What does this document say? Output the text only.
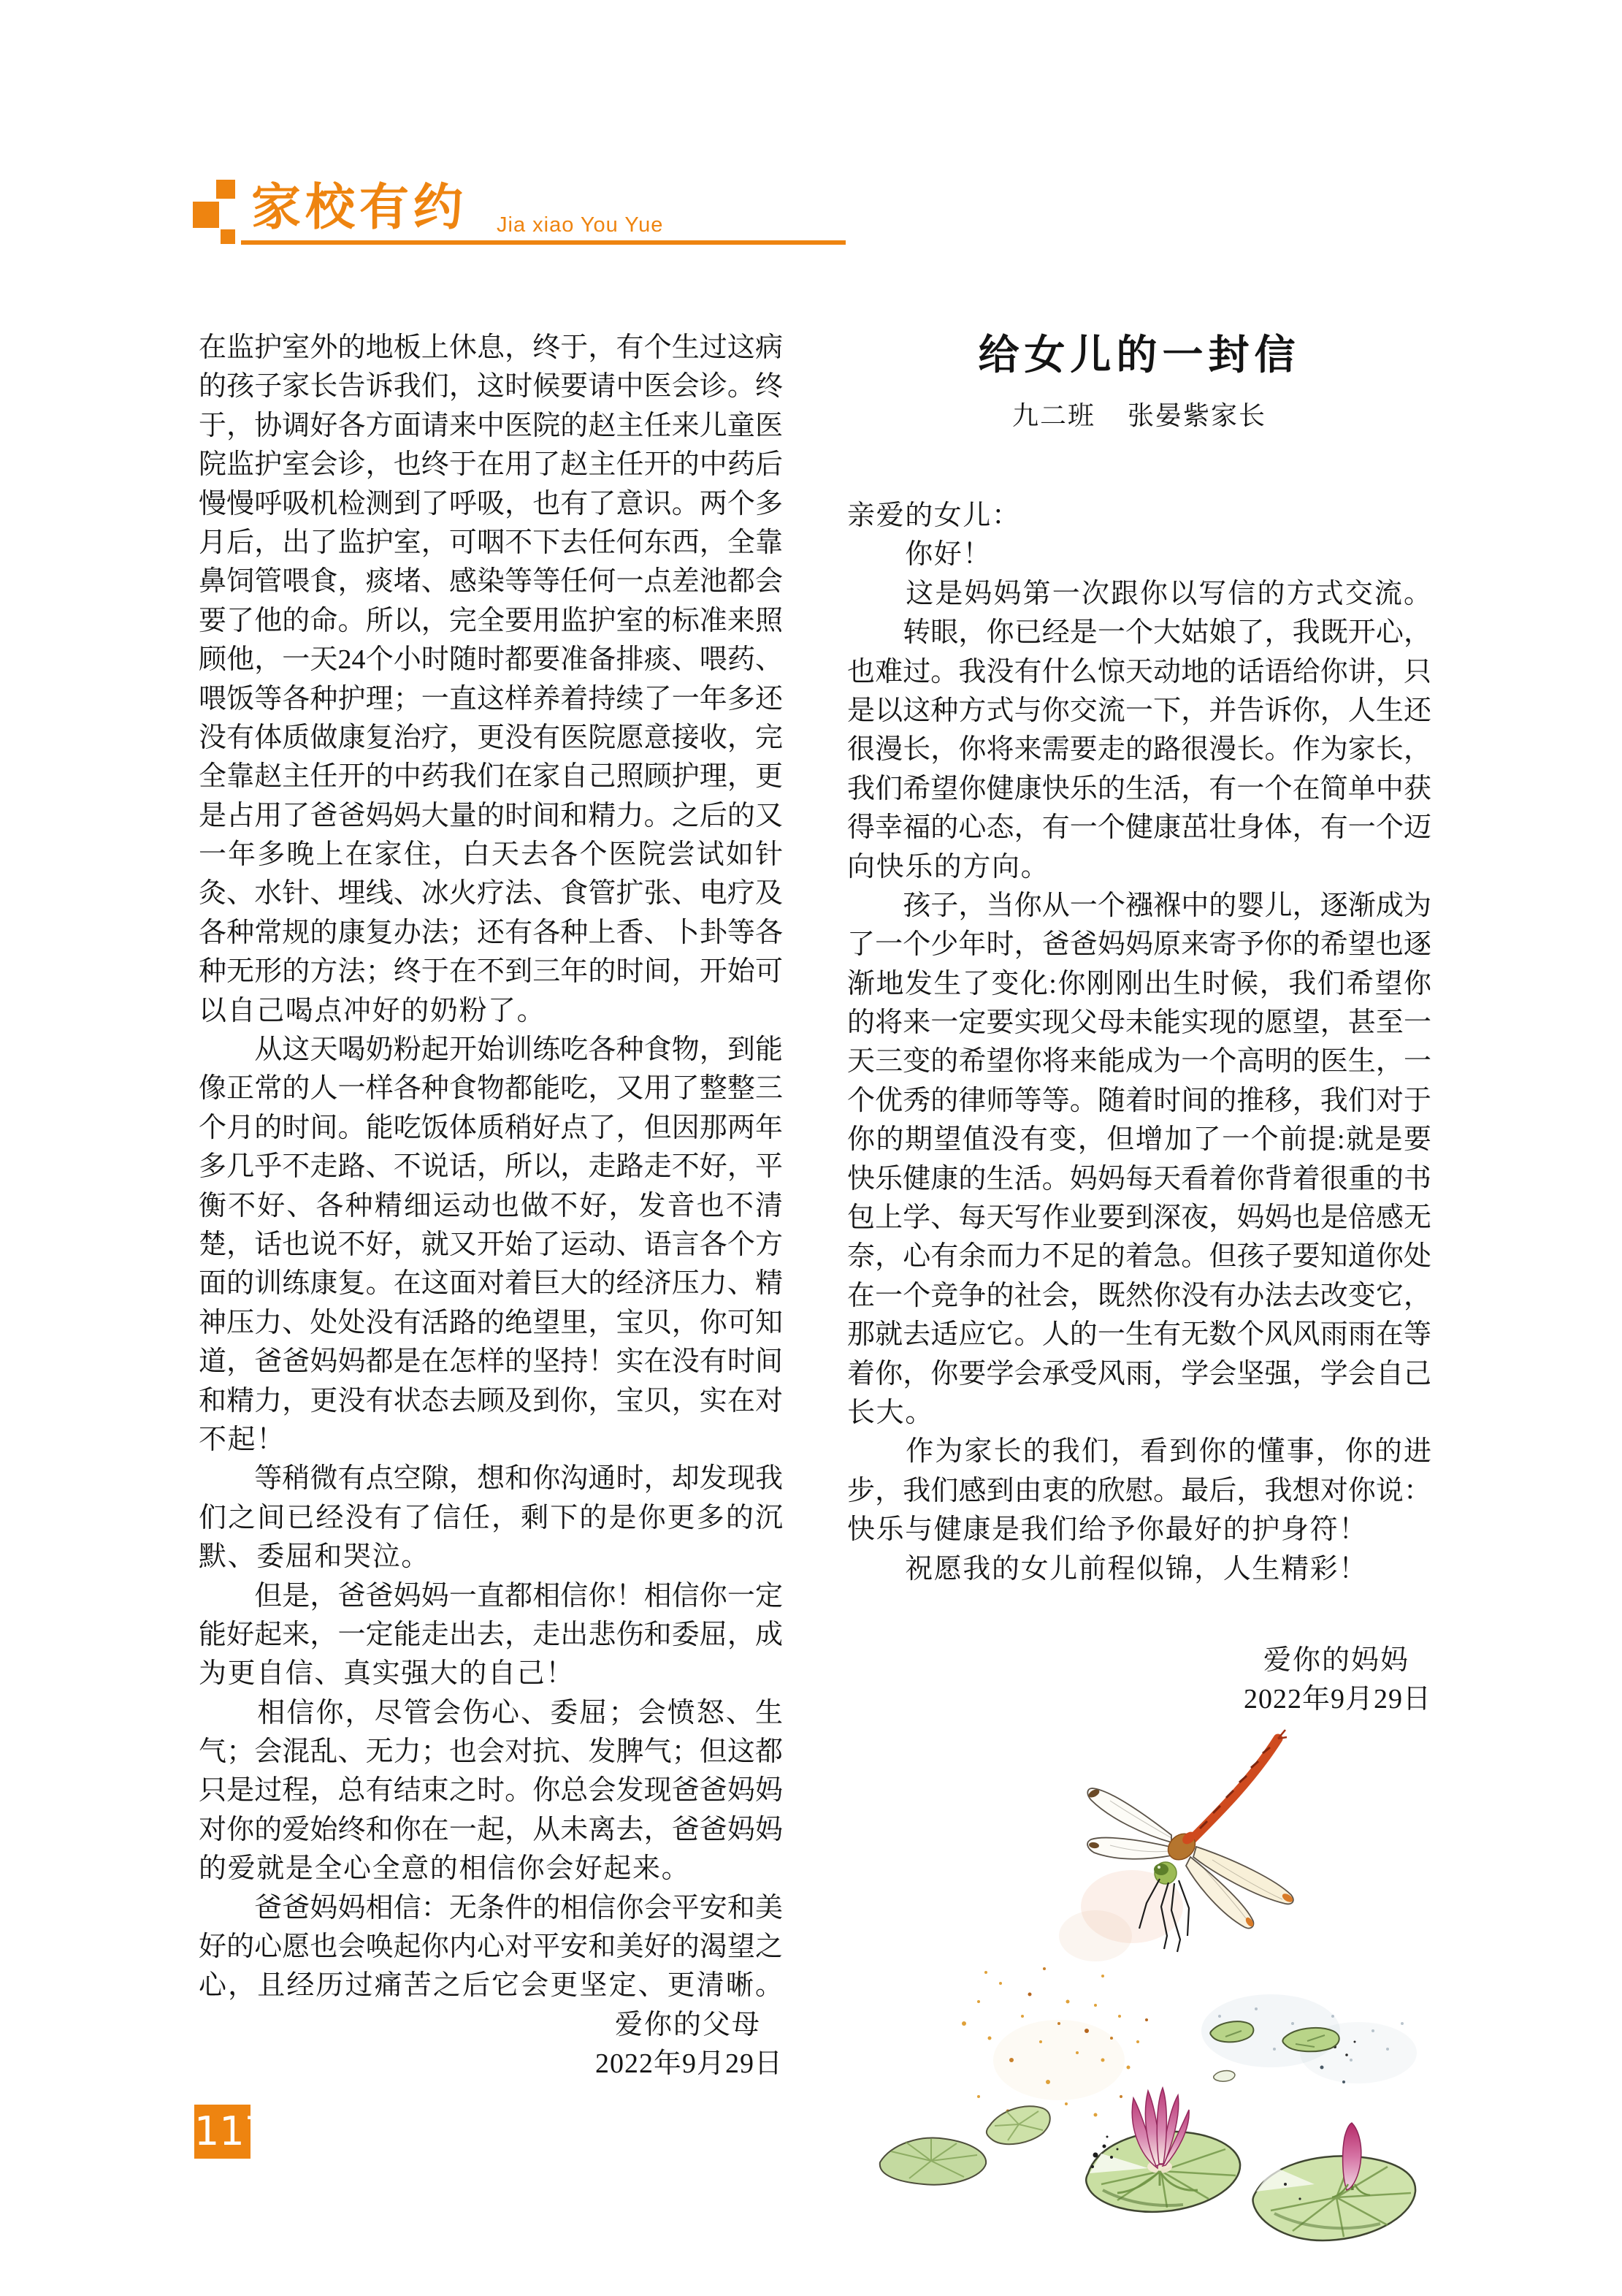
家校有约 Jia xiao You Yue
在监护室外的地板上休息，终于，有个生过这病
的孩子家长告诉我们，这时候要请中医会诊。终
于，协调好各方面请来中医院的赵主任来儿童医
院监护室会诊，也终于在用了赵主任开的中药后
慢慢呼吸机检测到了呼吸，也有了意识。两个多
月后，出了监护室，可咽不下去任何东西，全靠
鼻饲管喂食，痰堵、感染等等任何一点差池都会
要了他的命。所以，完全要用监护室的标准来照
顾他，一天24个小时随时都要准备排痰、喂药、
喂饭等各种护理；一直这样养着持续了一年多还
没有体质做康复治疗，更没有医院愿意接收，完
全靠赵主任开的中药我们在家自己照顾护理，更
是占用了爸爸妈妈大量的时间和精力。之后的又
一年多晚上在家住，白天去各个医院尝试如针
灸、水针、埋线、冰火疗法、食管扩张、电疗及
各种常规的康复办法；还有各种上香、卜卦等各
种无形的方法；终于在不到三年的时间，开始可
以自己喝点冲好的奶粉了。
　　从这天喝奶粉起开始训练吃各种食物，到能
像正常的人一样各种食物都能吃，又用了整整三
个月的时间。能吃饭体质稍好点了，但因那两年
多几乎不走路、不说话，所以，走路走不好，平
衡不好、各种精细运动也做不好，发音也不清
楚，话也说不好，就又开始了运动、语言各个方
面的训练康复。在这面对着巨大的经济压力、精
神压力、处处没有活路的绝望里，宝贝，你可知
道，爸爸妈妈都是在怎样的坚持！实在没有时间
和精力，更没有状态去顾及到你，宝贝，实在对
不起！
　　等稍微有点空隙，想和你沟通时，却发现我
们之间已经没有了信任，剩下的是你更多的沉
默、委屈和哭泣。
　　但是，爸爸妈妈一直都相信你！相信你一定
能好起来，一定能走出去，走出悲伤和委屈，成
为更自信、真实强大的自己！
　　相信你，尽管会伤心、委屈；会愤怒、生
气；会混乱、无力；也会对抗、发脾气；但这都
只是过程，总有结束之时。你总会发现爸爸妈妈
对你的爱始终和你在一起，从未离去，爸爸妈妈
的爱就是全心全意的相信你会好起来。
　　爸爸妈妈相信：无条件的相信你会平安和美
好的心愿也会唤起你内心对平安和美好的渴望之
心，且经历过痛苦之后它会更坚定、更清晰。
爱你的父母
2022年9月29日
给女儿的一封信
九二班 张晏紫家长
亲爱的女儿：
　　你好！
　　这是妈妈第一次跟你以写信的方式交流。
　　转眼，你已经是一个大姑娘了，我既开心，
也难过。我没有什么惊天动地的话语给你讲，只
是以这种方式与你交流一下，并告诉你，人生还
很漫长，你将来需要走的路很漫长。作为家长，
我们希望你健康快乐的生活，有一个在简单中获
得幸福的心态，有一个健康茁壮身体，有一个迈
向快乐的方向。
　　孩子，当你从一个襁褓中的婴儿，逐渐成为
了一个少年时，爸爸妈妈原来寄予你的希望也逐
渐地发生了变化:你刚刚出生时候，我们希望你
的将来一定要实现父母未能实现的愿望，甚至一
天三变的希望你将来能成为一个高明的医生，一
个优秀的律师等等。随着时间的推移，我们对于
你的期望值没有变，但增加了一个前提:就是要
快乐健康的生活。妈妈每天看着你背着很重的书
包上学、每天写作业要到深夜，妈妈也是倍感无
奈，心有余而力不足的着急。但孩子要知道你处
在一个竞争的社会，既然你没有办法去改变它，
那就去适应它。人的一生有无数个风风雨雨在等
着你，你要学会承受风雨，学会坚强，学会自己
长大。
　　作为家长的我们，看到你的懂事，你的进
步，我们感到由衷的欣慰。最后，我想对你说：
快乐与健康是我们给予你最好的护身符！
　　祝愿我的女儿前程似锦，人生精彩！
爱你的妈妈
2022年9月29日
117
